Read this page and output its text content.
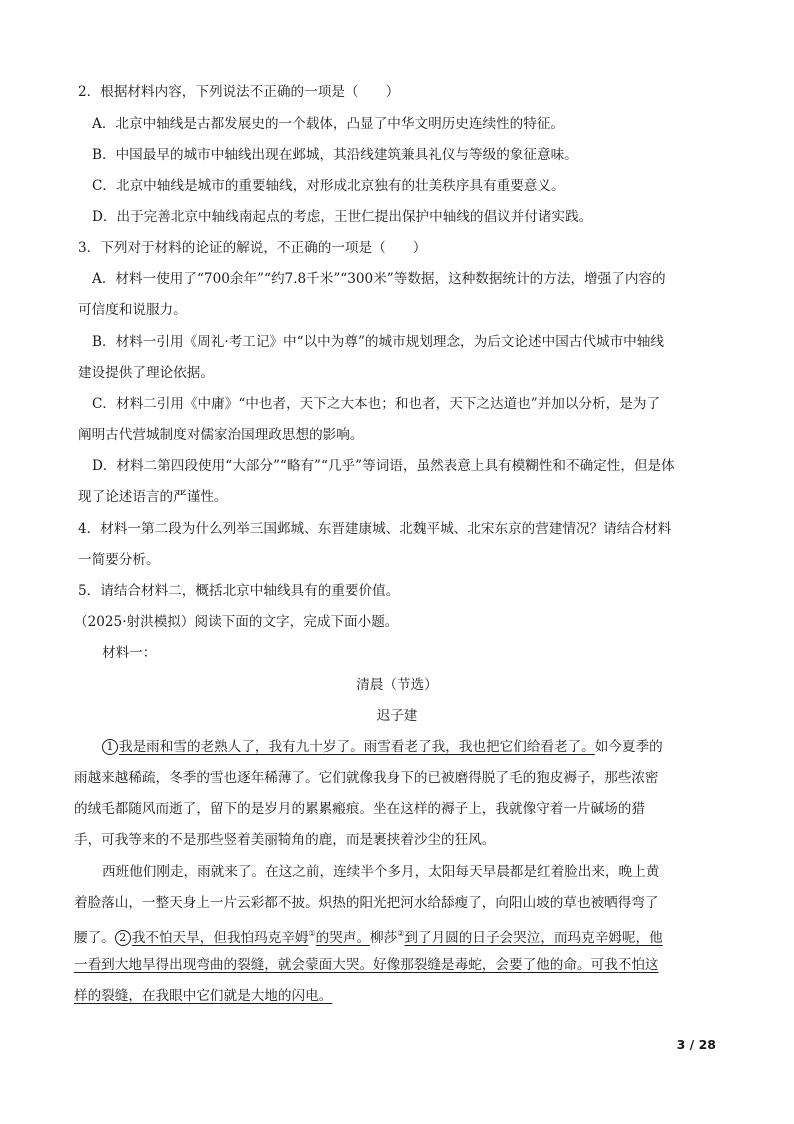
2．根据材料内容，下列说法不正确的一项是（　　）
A．北京中轴线是古都发展史的一个载体，凸显了中华文明历史连续性的特征。
B．中国最早的城市中轴线出现在邺城，其沿线建筑兼具礼仪与等级的象征意味。
C．北京中轴线是城市的重要轴线，对形成北京独有的壮美秩序具有重要意义。
D．出于完善北京中轴线南起点的考虑，王世仁提出保护中轴线的倡议并付诸实践。
3．下列对于材料的论证的解说，不正确的一项是（　　）
A．材料一使用了“700余年”“约7.8千米”“300米”等数据，这种数据统计的方法，增强了内容的
可信度和说服力。
B．材料一引用《周礼·考工记》中“以中为尊”的城市规划理念，为后文论述中国古代城市中轴线
建设提供了理论依据。
C．材料二引用《中庸》“中也者，天下之大本也；和也者，天下之达道也”并加以分析，是为了
阐明古代营城制度对儒家治国理政思想的影响。
D．材料二第四段使用“大部分”“略有”“几乎”等词语，虽然表意上具有模糊性和不确定性，但是体
现了论述语言的严谨性。
4．材料一第二段为什么列举三国邺城、东晋建康城、北魏平城、北宋东京的营建情况？请结合材料
一简要分析。
5．请结合材料二，概括北京中轴线具有的重要价值。
（2025·射洪模拟）阅读下面的文字，完成下面小题。
材料一：
清晨（节选）
迟子建
1 我是雨和雪的老熟人了，我有九十岁了。雨雪看老了我，我也把它们给看老了。如今夏季的
雨越来越稀疏，冬季的雪也逐年稀薄了。它们就像我身下的已被磨得脱了毛的狍皮褥子，那些浓密
的绒毛都随风而逝了，留下的是岁月的累累瘢痕。坐在这样的褥子上，我就像守着一片碱场的猎
手，可我等来的不是那些竖着美丽犄角的鹿，而是裹挟着沙尘的狂风。
西班他们刚走，雨就来了。在这之前，连续半个多月，太阳每天早晨都是红着脸出来，晚上黄
着脸落山，一整天身上一片云彩都不披。炽热的阳光把河水给舔瘦了，向阳山坡的草也被晒得弯了
腰了。 2 我不怕天旱，但我怕玛克辛姆①的哭声。柳莎②到了月圆的日子会哭泣，而玛克辛姆呢，他
一看到大地旱得出现弯曲的裂缝，就会蒙面大哭。好像那裂缝是毒蛇，会要了他的命。可我不怕这
样的裂缝，在我眼中它们就是大地的闪电。
3 / 28
